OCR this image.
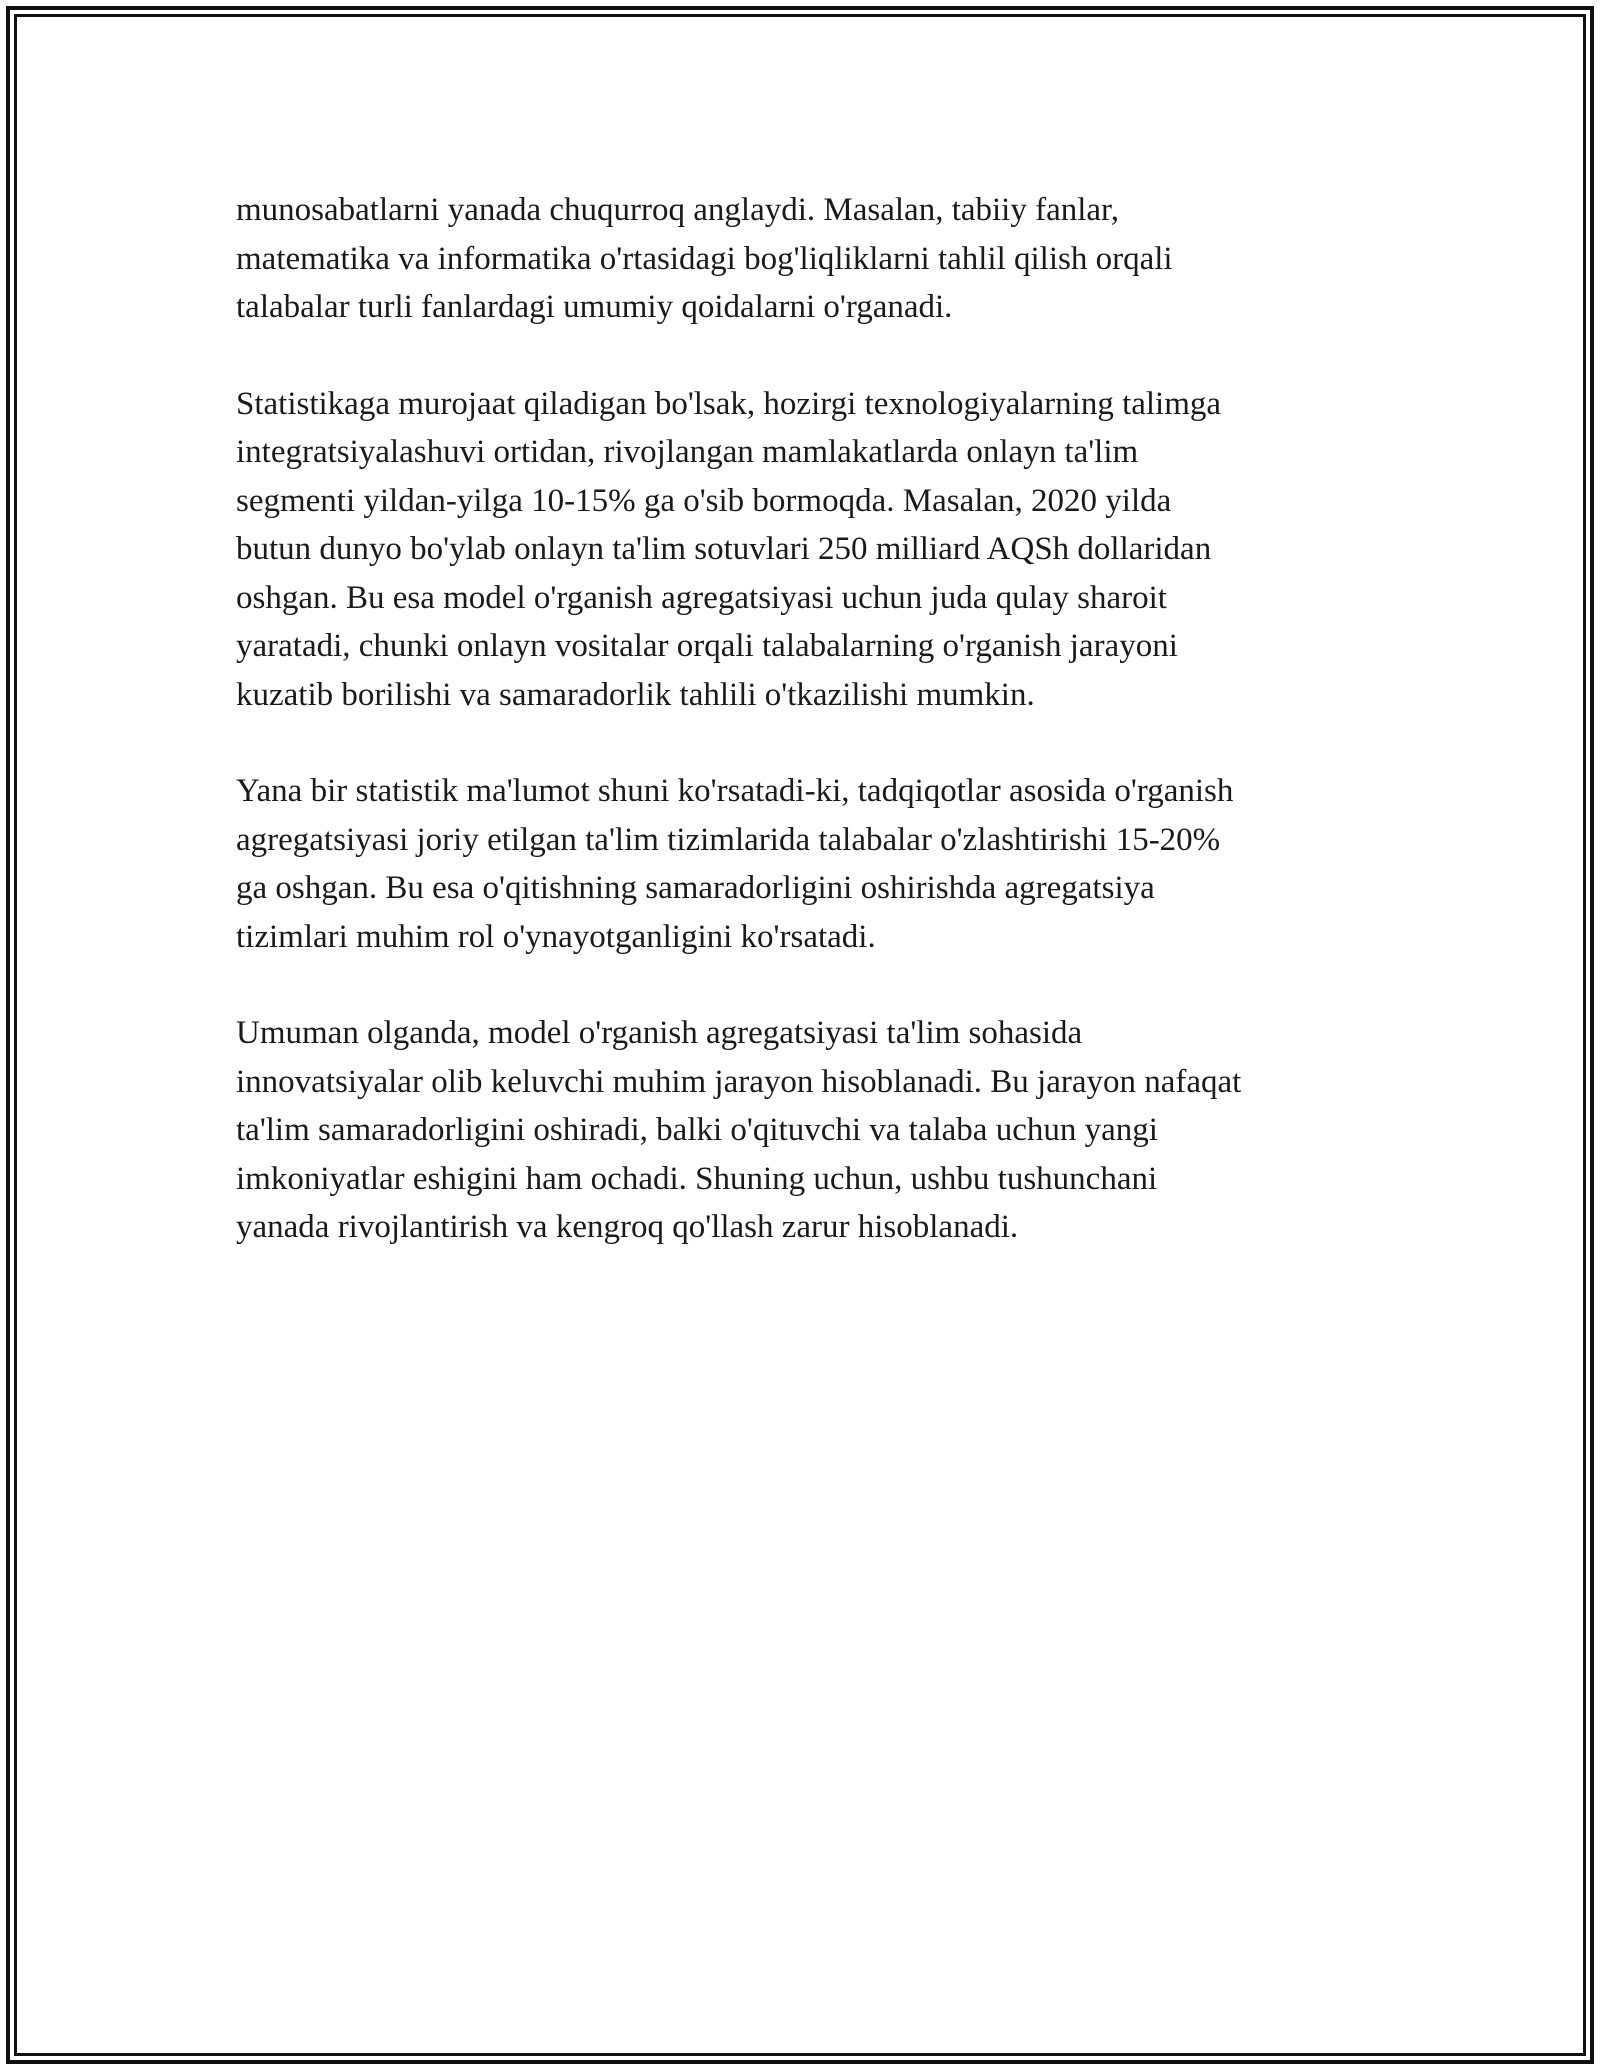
munosabatlarni yanada chuqurroq anglaydi. Masalan, tabiiy fanlar,
matematika va informatika o'rtasidagi bog'liqliklarni tahlil qilish orqali
talabalar turli fanlardagi umumiy qoidalarni o'rganadi.

Statistikaga murojaat qiladigan bo'lsak, hozirgi texnologiyalarning talimga
integratsiyalashuvi ortidan, rivojlangan mamlakatlarda onlayn ta'lim
segmenti yildan-yilga 10-15% ga o'sib bormoqda. Masalan, 2020 yilda
butun dunyo bo'ylab onlayn ta'lim sotuvlari 250 milliard AQSh dollaridan
oshgan. Bu esa model o'rganish agregatsiyasi uchun juda qulay sharoit
yaratadi, chunki onlayn vositalar orqali talabalarning o'rganish jarayoni
kuzatib borilishi va samaradorlik tahlili o'tkazilishi mumkin.

Yana bir statistik ma'lumot shuni ko'rsatadi-ki, tadqiqotlar asosida o'rganish
agregatsiyasi joriy etilgan ta'lim tizimlarida talabalar o'zlashtirishi 15-20%
ga oshgan. Bu esa o'qitishning samaradorligini oshirishda agregatsiya
tizimlari muhim rol o'ynayotganligini ko'rsatadi.

Umuman olganda, model o'rganish agregatsiyasi ta'lim sohasida
innovatsiyalar olib keluvchi muhim jarayon hisoblanadi. Bu jarayon nafaqat
ta'lim samaradorligini oshiradi, balki o'qituvchi va talaba uchun yangi
imkoniyatlar eshigini ham ochadi. Shuning uchun, ushbu tushunchani
yanada rivojlantirish va kengroq qo'llash zarur hisoblanadi.
